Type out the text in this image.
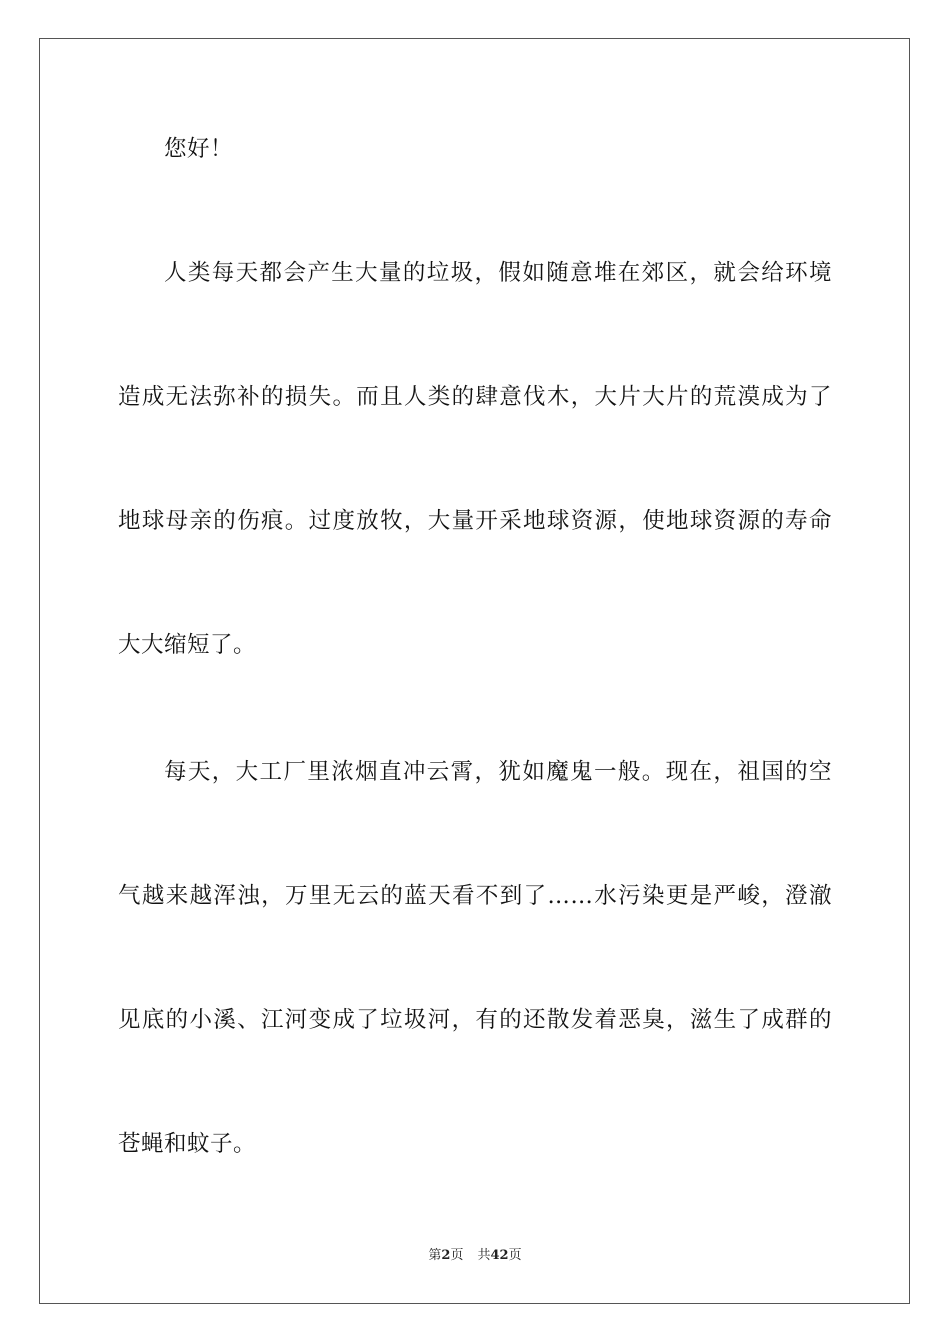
您好！
人类每天都会产生大量的垃圾，假如随意堆在郊区，就会给环境
造成无法弥补的损失。而且人类的肆意伐木，大片大片的荒漠成为了
地球母亲的伤痕。过度放牧，大量开采地球资源，使地球资源的寿命
大大缩短了。
每天，大工厂里浓烟直冲云霄，犹如魔鬼一般。现在，祖国的空
气越来越浑浊，万里无云的蓝天看不到了……水污染更是严峻，澄澈
见底的小溪、江河变成了垃圾河，有的还散发着恶臭，滋生了成群的
苍蝇和蚊子。
第2页 共42页
